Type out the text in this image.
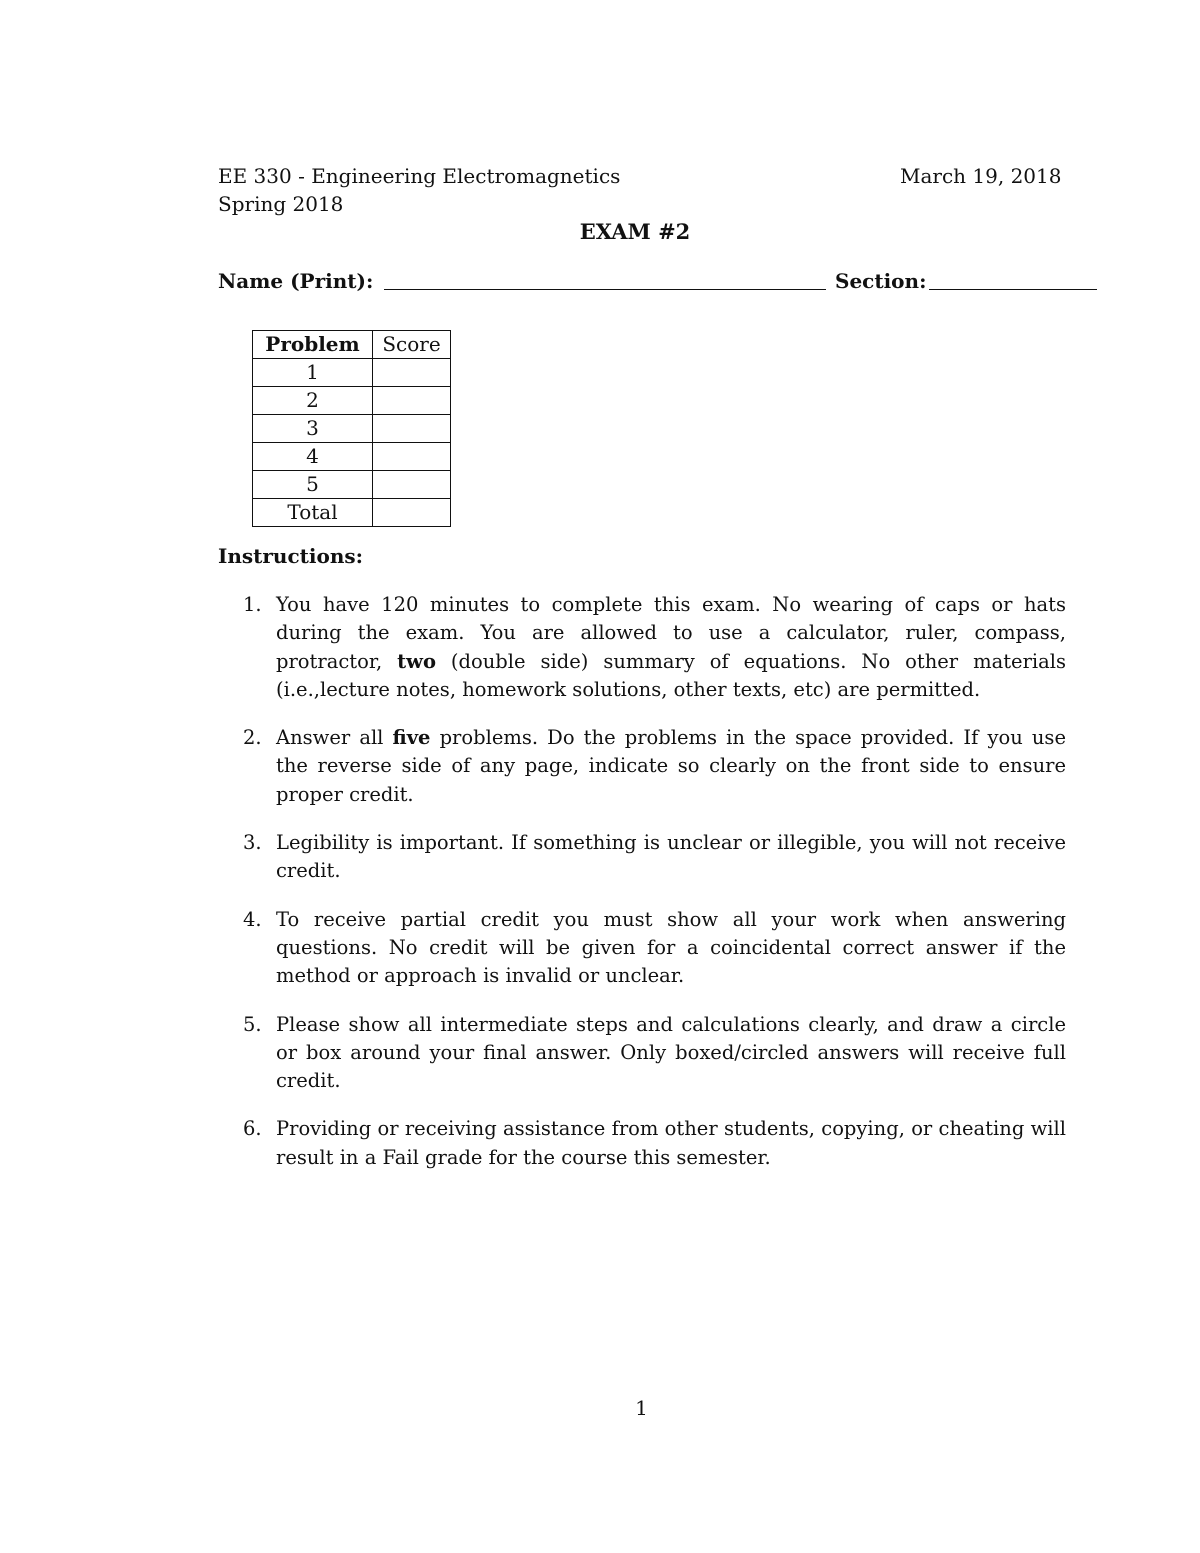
EE 330 - Engineering Electromagnetics	March 19, 2018
Spring 2018
EXAM #2
Name (Print):	Section:
Problem	Score
1	
2	
3	
4	
5	
Total	
Instructions:
1. You have 120 minutes to complete this exam. No wearing of caps or hats during the exam. You are allowed to use a calculator, ruler, compass, protractor, two (double side) summary of equations. No other materials (i.e.,lecture notes, homework solutions, other texts, etc) are permitted.
2. Answer all five problems. Do the problems in the space provided. If you use the reverse side of any page, indicate so clearly on the front side to ensure proper credit.
3. Legibility is important. If something is unclear or illegible, you will not receive credit.
4. To receive partial credit you must show all your work when answering questions. No credit will be given for a coincidental correct answer if the method or approach is invalid or unclear.
5. Please show all intermediate steps and calculations clearly, and draw a circle or box around your final answer. Only boxed/circled answers will receive full credit.
6. Providing or receiving assistance from other students, copying, or cheating will result in a Fail grade for the course this semester.
1
